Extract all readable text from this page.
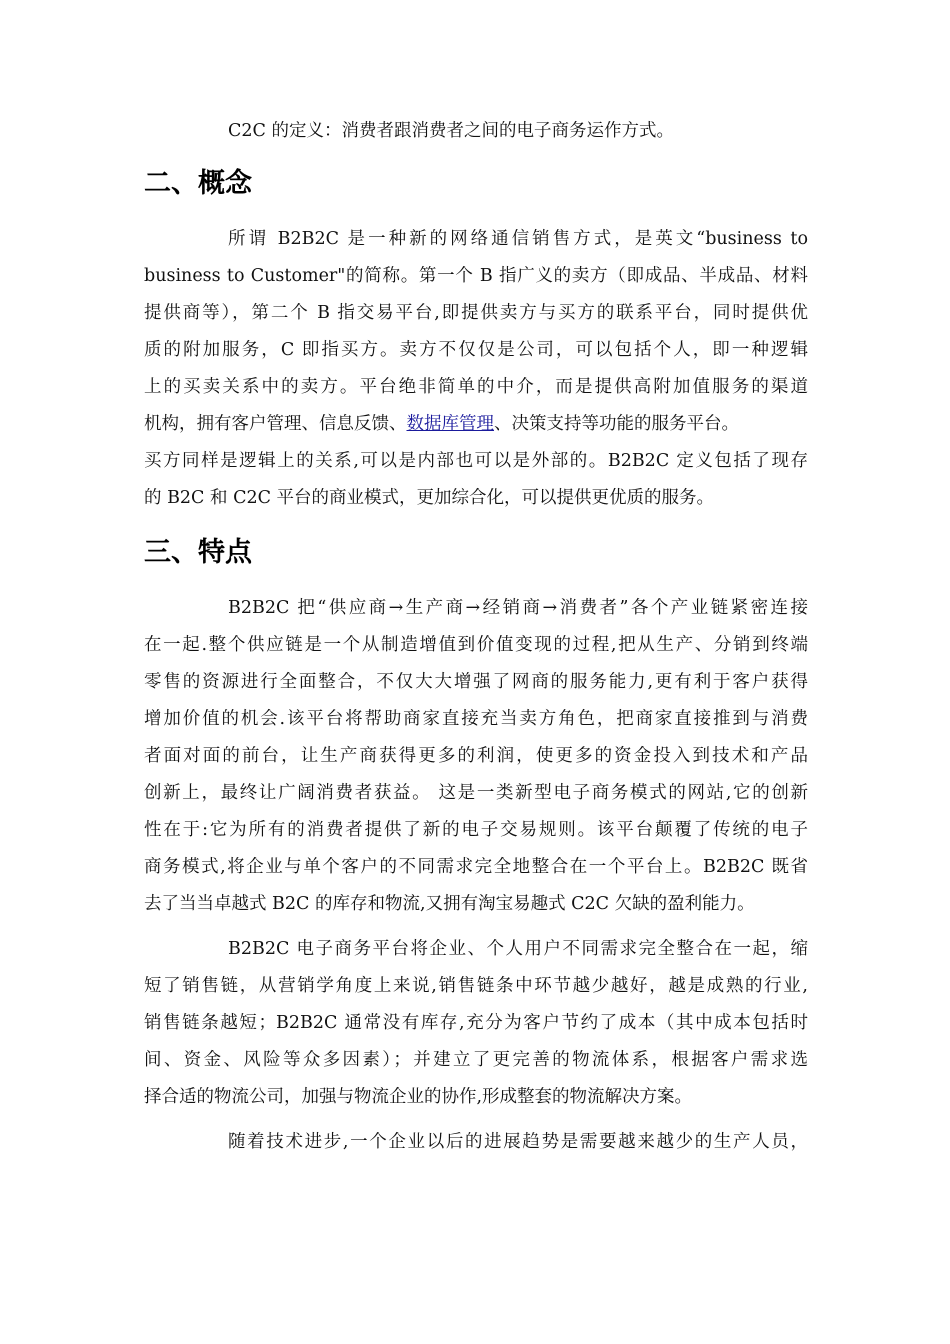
C2C 的定义：消费者跟消费者之间的电子商务运作方式。
二、概念
所谓 B2B2C 是一种新的网络通信销售方式，是英文“business to
business to Customer"的简称。第一个 B 指广义的卖方（即成品、半成品、材料
提供商等），第二个 B 指交易平台,即提供卖方与买方的联系平台，同时提供优
质的附加服务，C 即指买方。卖方不仅仅是公司，可以包括个人，即一种逻辑
上的买卖关系中的卖方。平台绝非简单的中介，而是提供高附加值服务的渠道
机构，拥有客户管理、信息反馈、数据库管理、决策支持等功能的服务平台。
买方同样是逻辑上的关系,可以是内部也可以是外部的。B2B2C 定义包括了现存
的 B2C 和 C2C 平台的商业模式，更加综合化，可以提供更优质的服务。
三、特点
B2B2C 把“供应商→生产商→经销商→消费者”各个产业链紧密连接
在一起.整个供应链是一个从制造增值到价值变现的过程,把从生产、分销到终端
零售的资源进行全面整合，不仅大大增强了网商的服务能力,更有利于客户获得
增加价值的机会.该平台将帮助商家直接充当卖方角色，把商家直接推到与消费
者面对面的前台，让生产商获得更多的利润，使更多的资金投入到技术和产品
创新上，最终让广阔消费者获益。 这是一类新型电子商务模式的网站,它的创新
性在于:它为所有的消费者提供了新的电子交易规则。该平台颠覆了传统的电子
商务模式,将企业与单个客户的不同需求完全地整合在一个平台上。B2B2C 既省
去了当当卓越式 B2C 的库存和物流,又拥有淘宝易趣式 C2C 欠缺的盈利能力。
B2B2C 电子商务平台将企业、个人用户不同需求完全整合在一起，缩
短了销售链，从营销学角度上来说,销售链条中环节越少越好，越是成熟的行业,
销售链条越短；B2B2C 通常没有库存,充分为客户节约了成本（其中成本包括时
间、资金、风险等众多因素）；并建立了更完善的物流体系，根据客户需求选
择合适的物流公司，加强与物流企业的协作,形成整套的物流解决方案。
随着技术进步,一个企业以后的进展趋势是需要越来越少的生产人员，
